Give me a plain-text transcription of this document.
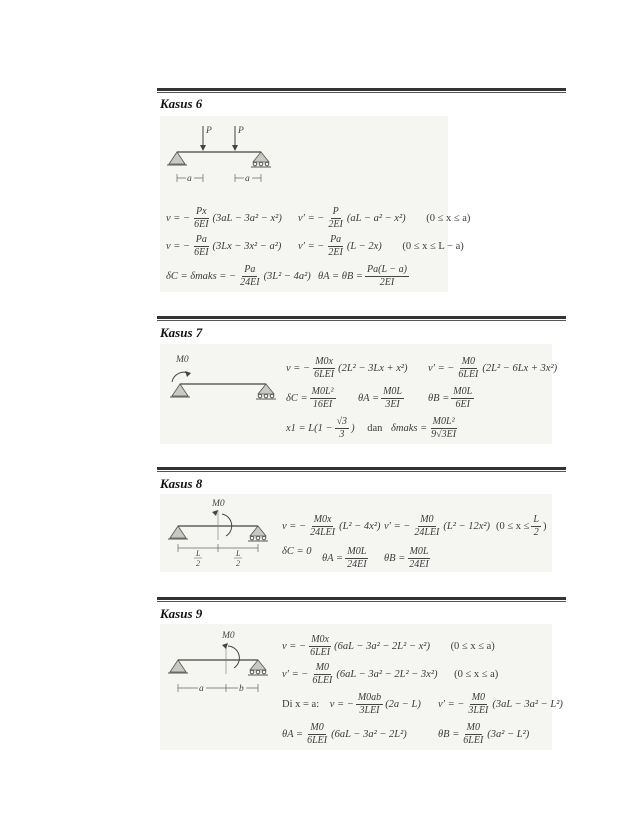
Kasus 6
P	P
a	a
v = − $\frac{Px}{6EI} (3aL - 3a^2 - x^2) v'$ = − $\frac{P}{2EI} (aL - a^2 - x^2) (0 \le x \le a)$
v = − $\frac{Pa}{6EI} (3Lx - 3x^2 - a^2) v'$ = − $\frac{Pa}{2EI} (L - 2x) (0 \le x \le L - a)$
δC = δmaks = − $\frac{Pa}{24EI} (3L^2 - 4a^2) \theta A = \theta B = \frac{Pa(L - a)}{2EI}$
Kasus 7
M0
v = − $\frac{M0x}{\text{6LEI}} (2L^2 - 3Lx + x^2) v'$ = − $\frac{M0}{\text{6LEI}} (2L^2 - 6Lx + 3x^2)$
$\delta C = \frac{\text{M0L²}}{16EI}$ $\theta A = \frac{M0L}{3EI}$ $\theta B = \frac{M0L}{6EI}$
$x1 = L(1 - \frac{√3}{3}$ ) dan δmaks = $\frac{\text{M0L²}}{9√3EI}$
Kasus 8
M0
L
2
L
2
v = − $\frac{M0x}{\text{24LEI}} (L^2 - 4x^2) v'$ = − $\frac{M0}{\text{24LEI}} (L^2 - 12x^2) (0 \le x \le \frac{L}{2}$ )
δC = 0
$\theta A = \frac{M0L}{24EI}$ $\theta B = \frac{M0L}{24EI}$
Kasus 9
M0
a	b
v = − $\frac{M0x}{\text{6LEI}} (6aL - 3a^2 - 2L^2 - x^2) (0 \le x \le a)$
v′ = − $\frac{M0}{\text{6LEI}} (6aL - 3a^2 - 2L^2 - 3x^2) (0 \le x \le a)$
Di x = a: v = − $\frac{M0ab}{\text{3LEI}} (2a - L) v'$ = − $\frac{M0}{\text{3LEI}} (3aL - 3a^2 - L^2)$
$\theta A = \frac{M0}{\text{6LEI}} (6aL - 3a^2 - 2L^2)$	$\theta B = \frac{M0}{\text{6LEI}} (3a^2 - L^2)$
